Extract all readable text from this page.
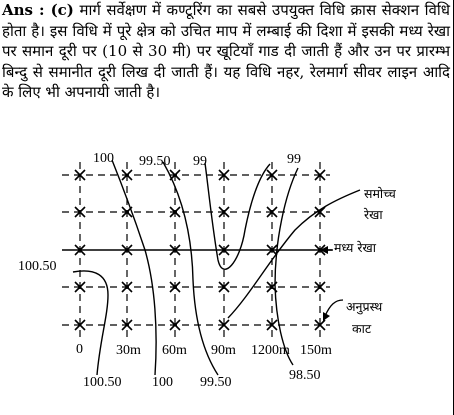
Ans : (c) मार्ग सर्वेक्षण में कण्टूरिंग का सबसे उपयुक्त विधि क्रास सेक्शन विधि होता है। इस विधि में पूरे क्षेत्र को उचित माप में लम्बाई की दिशा में इसकी मध्य रेखा पर समान दूरी पर (10 से 30 मी) पर खूटियाँ गाड दी जाती हैं और उन पर प्रारम्भ बिन्दु से समानीत दूरी लिख दी जाती हैं। यह विधि नहर, रेलमार्ग सीवर लाइन आदि के लिए भी अपनायी जाती है।
100 99.50 99	99
100.50
0 30m 60m 90m 1200m 150m
100.50 100 99.50	98.50
समोच्च रेखा
मध्य रेखा
अनुप्रस्थ काट
